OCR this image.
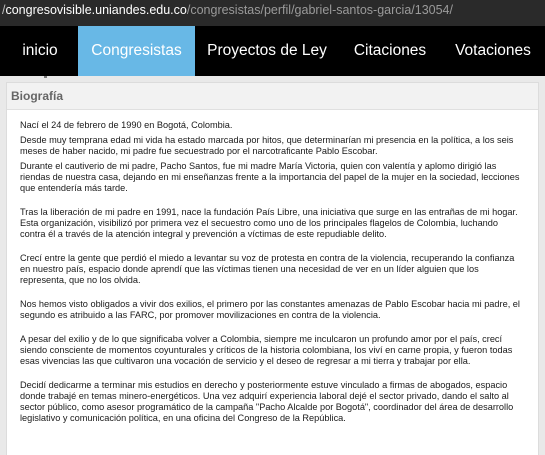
/ congresovisible.uniandes.edu.co /congresistas/perfil/gabriel-santos-garcia/13054/
inicio	Congresistas	Proyectos de Ley	Citaciones	Votaciones
Biografía

Nací el 24 de febrero de 1990 en Bogotá, Colombia.

Desde muy temprana edad mi vida ha estado marcada por hitos, que determinarían mi presencia en la política, a los seis meses de haber nacido, mi padre fue secuestrado por el narcotraficante Pablo Escobar.

Durante el cautiverio de mi padre, Pacho Santos, fue mi madre María Victoria, quien con valentía y aplomo dirigió las riendas de nuestra casa, dejando en mi enseñanzas frente a la importancia del papel de la mujer en la sociedad, lecciones que entendería más tarde.

Tras la liberación de mi padre en 1991, nace la fundación País Libre, una iniciativa que surge en las entrañas de mi hogar. Esta organización, visibilizó por primera vez el secuestro como uno de los principales flagelos de Colombia, luchando contra él a través de la atención integral y prevención a víctimas de este repudiable delito.

Crecí entre la gente que perdió el miedo a levantar su voz de protesta en contra de la violencia, recuperando la confianza en nuestro país, espacio donde aprendí que las víctimas tienen una necesidad de ver en un líder alguien que los representa, que no los olvida.

Nos hemos visto obligados a vivir dos exilios, el primero por las constantes amenazas de Pablo Escobar hacia mi padre, el segundo es atribuido a las FARC, por promover movilizaciones en contra de la violencia.

A pesar del exilio y de lo que significaba volver a Colombia, siempre me inculcaron un profundo amor por el país, crecí siendo consciente de momentos coyunturales y críticos de la historia colombiana, los viví en carne propia, y fueron todas esas vivencias las que cultivaron una vocación de servicio y el deseo de regresar a mi tierra y trabajar por ella.

Decidí dedicarme a terminar mis estudios en derecho y posteriormente estuve vinculado a firmas de abogados, espacio donde trabajé en temas minero-energéticos. Una vez adquirí experiencia laboral dejé el sector privado, dando el salto al sector público, como asesor programático de la campaña "Pacho Alcalde por Bogotá", coordinador del área de desarrollo legislativo y comunicación política, en una oficina del Congreso de la República.
